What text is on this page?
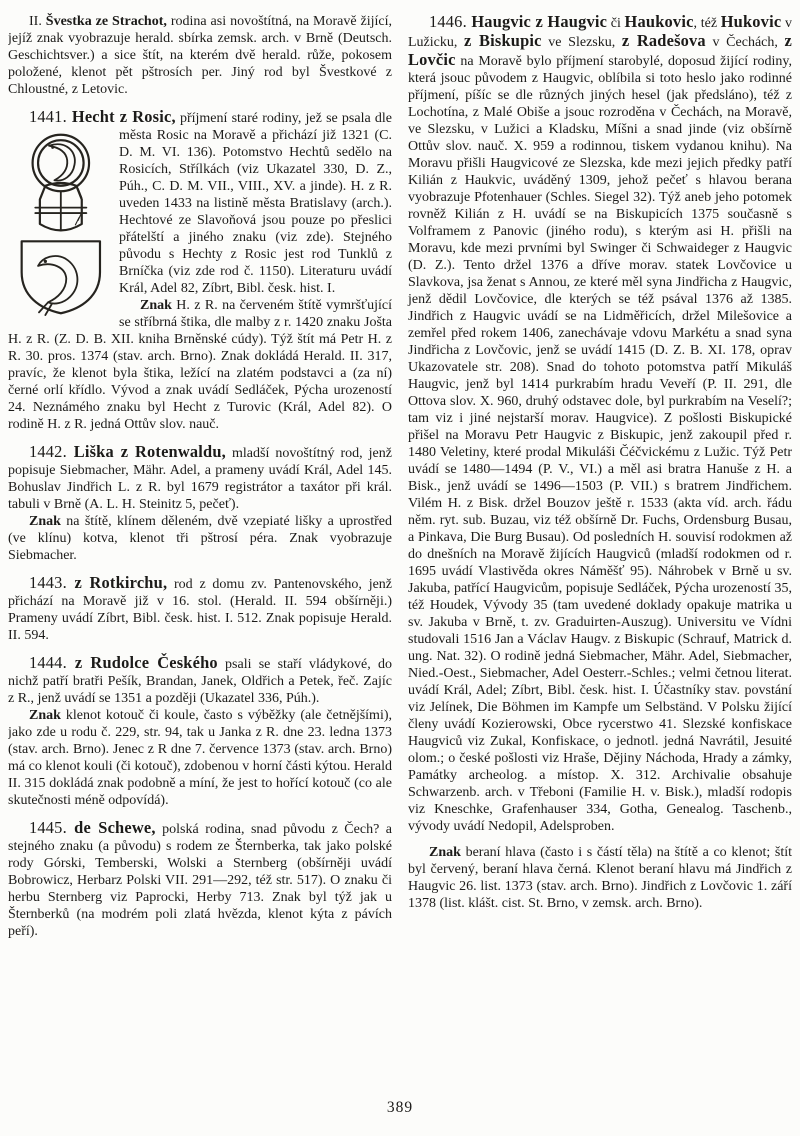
II. Švestka ze Strachot, rodina asi novoštítná, na Moravě žijící, jejíž znak vyobrazuje herald. sbírka zemsk. arch. v Brně (Deutsch. Geschichtsver.) a sice štít, na kterém dvě herald. růže, pokosem položené, klenot pět pštrosích per. Jiný rod byl Švestkové z Chloustné, z Letovic.

1441. Hecht z Rosic, příjmení staré rodiny, jež
se psala dle města Rosic na Moravě a přichází již 1321 (C. D. M. VI. 136). Potomstvo Hechtů sedělo na Rosicích, Střílkách (viz Ukazatel 330, D. Z., Púh., C. D. M. VII., VIII., XV. a jinde). H. z R. uveden 1433 na listině města Bratislavy (arch.). Hechtové ze Slavoňová jsou pouze po přeslici přátelští a jiného znaku (viz zde). Stejného původu s Hechty z Rosic jest rod Tunklů z Brníčka (viz zde rod č. 1150). Literaturu uvádí Král, Adel 82, Zíbrt, Bibl. česk. hist. I.

Znak H. z R. na červeném štítě vymršťující se stříbrná štika, dle malby z r. 1420 znaku Jošta H. z R. (Z. D. B. XII. kniha Brněnské cúdy). Týž štít má Petr H. z R. 30. pros. 1374 (stav. arch. Brno). Znak dokládá Herald. II. 317, pravíc, že klenot byla štika, ležící na zlatém podstavci a (za ní) černé orlí křídlo. Vývod a znak uvádí Sedláček, Pýcha urozeností 24. Neznámého znaku byl Hecht z Turovic (Král, Adel 82). O rodině H. z R. jedná Ottův slov. nauč.

1442. Liška z Rotenwaldu, mladší novoštítný rod, jenž popisuje Siebmacher, Mähr. Adel, a prameny uvádí Král, Adel 145. Bohuslav Jindřich L. z R. byl 1679 registrátor a taxátor při král. tabuli v Brně (A. L. H. Steinitz 5, pečeť).

Znak na štítě, klínem děleném, dvě vzepiaté lišky a uprostřed (ve klínu) kotva, klenot tři pštrosí péra. Znak vyobrazuje Siebmacher.

1443. z Rotkirchu, rod z domu zv. Pantenovského, jenž přichází na Moravě již v 16. stol. (Herald. II. 594 obšírněji.) Prameny uvádí Zíbrt, Bibl. česk. hist. I. 512. Znak popisuje Herald. II. 594.

1444. z Rudolce Českého psali se staří vládykové, do nichž patří bratři Pešík, Brandan, Janek, Oldřich a Petek, řeč. Zajíc z R., jenž uvádí se 1351 a později (Ukazatel 336, Púh.).

Znak klenot kotouč či koule, často s výběžky (ale četnějšími), jako zde u rodu č. 229, str. 94, tak u Janka z R. dne 23. ledna 1373 (stav. arch. Brno). Jenec z R dne 7. července 1373 (stav. arch. Brno) má co klenot kouli (či kotouč), zdobenou v horní části kýtou. Herald II. 315 dokládá znak podobně a míní, že jest to hořící kotouč (co ale skutečnosti méně odpovídá).

1445. de Schewe, polská rodina, snad původu z Čech? a stejného znaku (a původu) s rodem ze Šternberka, tak jako polské rody Górski, Temberski, Wolski a Sternberg (obšírněji uvádí Bobrowicz, Herbarz Polski VII. 291—292, též str. 517). O znaku či herbu Sternberg viz Paprocki, Herby 713. Znak byl týž jak u Šternberků (na modrém poli zlatá hvězda, klenot kýta z pávích peří).

1446. Haugvic z Haugvic či Haukovic, též Hukovic v Lužicku, z Biskupic ve Slezsku, z Radešova v Čechách, z Lovčic na Moravě bylo příjmení starobylé, doposud žijící rodiny, která jsouc původem z Haugvic, oblíbila si toto heslo jako rodinné příjmení, píšíc se dle různých jiných hesel (jak předsláno), též z Lochotína, z Malé Obiše a jsouc rozroděna v Čechách, na Moravě, ve Slezsku, v Lužici a Kladsku, Míšni a snad jinde (viz obšírně Ottův slov. nauč. X. 959 a rodinnou, tiskem vydanou knihu). Na Moravu přišli Haugvicové ze Slezska, kde mezi jejich předky patří Kilián z Haukvic, uváděný 1309, jehož pečeť s hlavou berana vyobrazuje Pfotenhauer (Schles. Siegel 32). Týž aneb jeho potomek rovněž Kilián z H. uvádí se na Biskupicích 1375 současně s Volframem z Panovic (jiného rodu), s kterým asi H. přišli na Moravu, kde mezi prvními byl Swinger či Schwaideger z Haugvic (D. Z.). Tento držel 1376 a dříve morav. statek Lovčovice u Slavkova, jsa ženat s Annou, ze které měl syna Jindřicha z Haugvic, jenž dědil Lovčovice, dle kterých se též psával 1376 až 1385. Jindřich z Haugvic uvádí se na Lidměřicích, držel Milešovice a zemřel před rokem 1406, zanechávaje vdovu Markétu a snad syna Jindřicha z Lovčovic, jenž se uvádí 1415 (D. Z. B. XI. 178, oprav Ukazovatele str. 208). Snad do tohoto potomstva patří Mikuláš Haugvic, jenž byl 1414 purkrabím hradu Veveří (P. II. 291, dle Ottova slov. X. 960, druhý odstavec dole, byl purkrabím na Veselí?; tam viz i jiné nejstarší morav. Haugvice). Z pošlosti Biskupické přišel na Moravu Petr Haugvic z Biskupic, jenž zakoupil před r. 1480 Veletiny, které prodal Mikuláši Čéčvickému z Lužic. Týž Petr uvádí se 1480—1494 (P. V., VI.) a měl asi bratra Hanuše z H. a Bisk., jenž uvádí se 1496—1503 (P. VII.) s bratrem Jindřichem. Vilém H. z Bisk. držel Bouzov ještě r. 1533 (akta víd. arch. řádu něm. ryt. sub. Buzau, viz též obšírně Dr. Fuchs, Ordensburg Busau, a Pinkava, Die Burg Busau). Od posledních H. souvisí rodokmen až do dnešních na Moravě žijících Haugviců (mladší rodokmen od r. 1695 uvádí Vlastivěda okres Náměšť 95). Náhrobek v Brně u sv. Jakuba, patřící Haugvicům, popisuje Sedláček, Pýcha urozeností 35, též Houdek, Vývody 35 (tam uvedené doklady opakuje matrika u sv. Jakuba v Brně, t. zv. Graduirten-Auszug). Universitu ve Vídni studovali 1516 Jan a Václav Haugv. z Biskupic (Schrauf, Matrick d. ung. Nat. 32). O rodině jedná Siebmacher, Mähr. Adel, Siebmacher, Nied.-Oest., Siebmacher, Adel Oesterr.-Schles.; velmi četnou literat. uvádí Král, Adel; Zíbrt, Bibl. česk. hist. I. Účastníky stav. povstání viz Jelínek, Die Böhmen im Kampfe um Selbständ. V Polsku žijící členy uvádí Kozierowski, Obce rycerstwo 41. Slezské konfiskace Haugviců viz Zukal, Konfiskace, o jednotl. jedná Navrátil, Jesuité olom.; o české pošlosti viz Hraše, Dějiny Náchoda, Hrady a zámky, Památky archeolog. a místop. X. 312. Archivalie obsahuje Schwarzenb. arch. v Třeboni (Familie H. v. Bisk.), mladší rodopis viz Kneschke, Grafenhauser 334, Gotha, Genealog. Taschenb., vývody uvádí Nedopil, Adelsproben.

Znak beraní hlava (často i s částí těla) na štítě a co klenot; štít byl červený, beraní hlava černá. Klenot beraní hlavu má Jindřich z Haugvic 26. list. 1373 (stav. arch. Brno). Jindřich z Lovčovic 1. září 1378 (list. klášt. cist. St. Brno, v zemsk. arch. Brno).

389
